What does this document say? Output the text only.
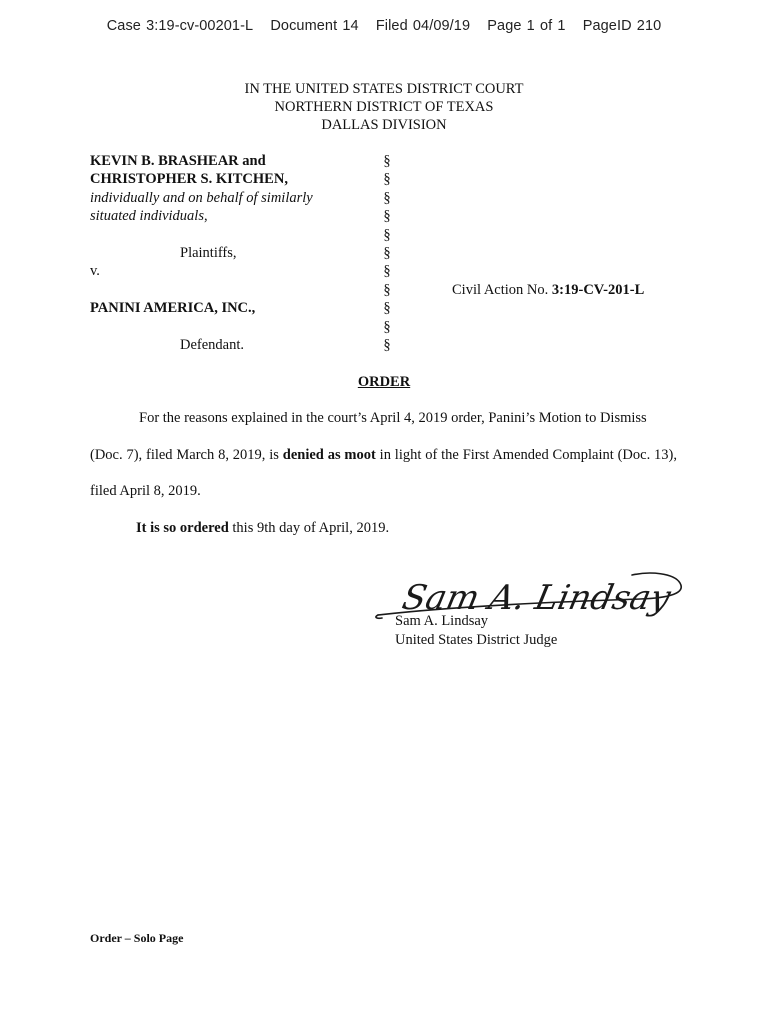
Case 3:19-cv-00201-L Document 14 Filed 04/09/19 Page 1 of 1 PageID 210
IN THE UNITED STATES DISTRICT COURT
NORTHERN DISTRICT OF TEXAS
DALLAS DIVISION
KEVIN B. BRASHEAR and
CHRISTOPHER S. KITCHEN,
individually and on behalf of similarly
situated individuals,
Plaintiffs,
v.
PANINI AMERICA, INC.,
Defendant.
§
§
§
§
§
§
§
§
§
§
§
Civil Action No. 3:19-CV-201-L
ORDER
For the reasons explained in the court’s April 4, 2019 order, Panini’s Motion to Dismiss
(Doc. 7), filed March 8, 2019, is denied as moot in light of the First Amended Complaint (Doc. 13),
filed April 8, 2019.
It is so ordered this 9th day of April, 2019.
Sam A. Lindsay
Sam A. Lindsay
United States District Judge
Order – Solo Page
